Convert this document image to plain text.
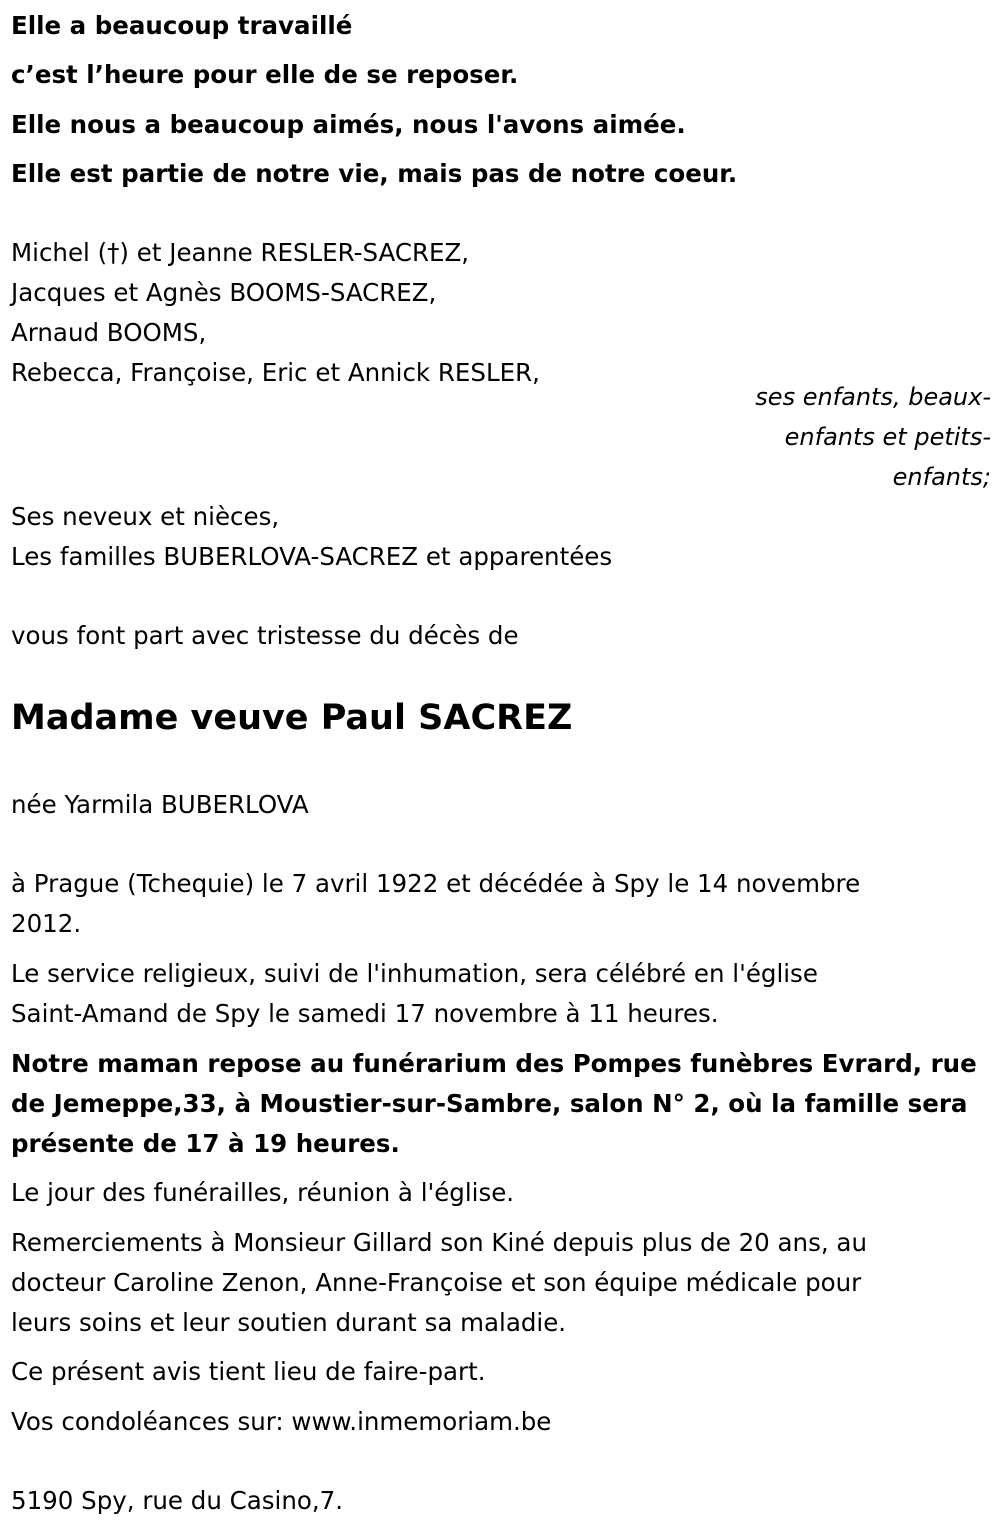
Elle a beaucoup travaillé
c’est l’heure pour elle de se reposer.
Elle nous a beaucoup aimés, nous l'avons aimée.
Elle est partie de notre vie, mais pas de notre coeur.
Michel (†) et Jeanne RESLER-SACREZ,
Jacques et Agnès BOOMS-SACREZ,
Arnaud BOOMS,
Rebecca, Françoise, Eric et Annick RESLER,
ses enfants, beaux-
enfants et petits-
enfants;
Ses neveux et nièces,
Les familles BUBERLOVA-SACREZ et apparentées
vous font part avec tristesse du décès de
Madame veuve Paul SACREZ
née Yarmila BUBERLOVA
à Prague (Tchequie) le 7 avril 1922 et décédée à Spy le 14 novembre
2012.
Le service religieux, suivi de l'inhumation, sera célébré en l'église
Saint-Amand de Spy le samedi 17 novembre à 11 heures.
Notre maman repose au funérarium des Pompes funèbres Evrard, rue
de Jemeppe,33, à Moustier-sur-Sambre, salon N° 2, où la famille sera
présente de 17 à 19 heures.
Le jour des funérailles, réunion à l'église.
Remerciements à Monsieur Gillard son Kiné depuis plus de 20 ans, au
docteur Caroline Zenon, Anne-Françoise et son équipe médicale pour
leurs soins et leur soutien durant sa maladie.
Ce présent avis tient lieu de faire-part.
Vos condoléances sur: www.inmemoriam.be
5190 Spy, rue du Casino,7.
